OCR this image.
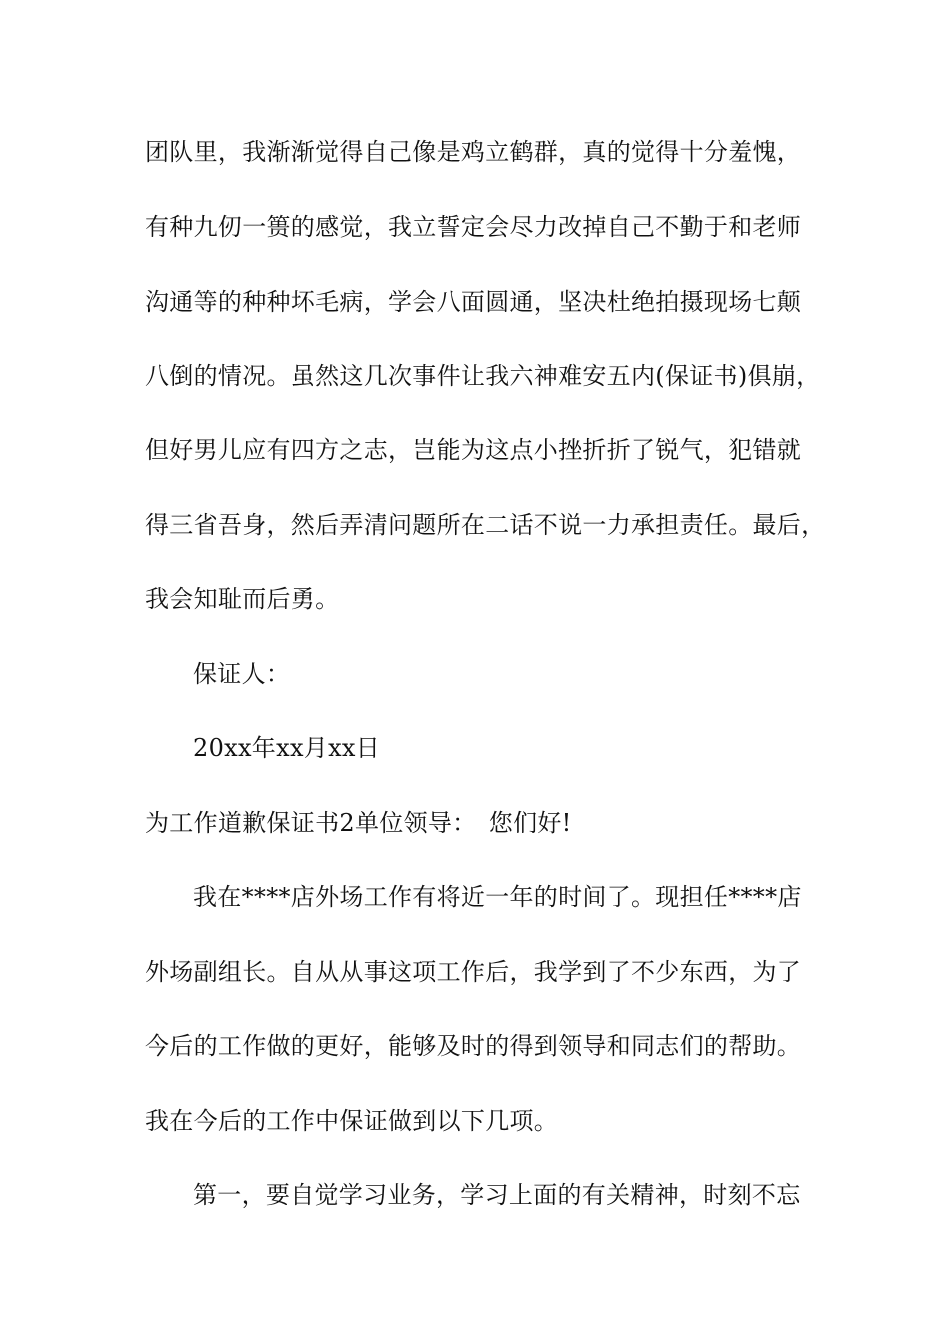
团队里，我渐渐觉得自己像是鸡立鹤群，真的觉得十分羞愧，
有种九仞一篑的感觉，我立誓定会尽力改掉自己不勤于和老师
沟通等的种种坏毛病，学会八面圆通，坚决杜绝拍摄现场七颠
八倒的情况。虽然这几次事件让我六神难安五内(保证书)俱崩，
但好男儿应有四方之志，岂能为这点小挫折折了锐气，犯错就
得三省吾身，然后弄清问题所在二话不说一力承担责任。最后，
我会知耻而后勇。
保证人：
20xx年xx月xx日
为工作道歉保证书2单位领导：　您们好!
我在****店外场工作有将近一年的时间了。现担任****店
外场副组长。自从从事这项工作后，我学到了不少东西，为了
今后的工作做的更好，能够及时的得到领导和同志们的帮助。
我在今后的工作中保证做到以下几项。
第一，要自觉学习业务，学习上面的有关精神，时刻不忘
